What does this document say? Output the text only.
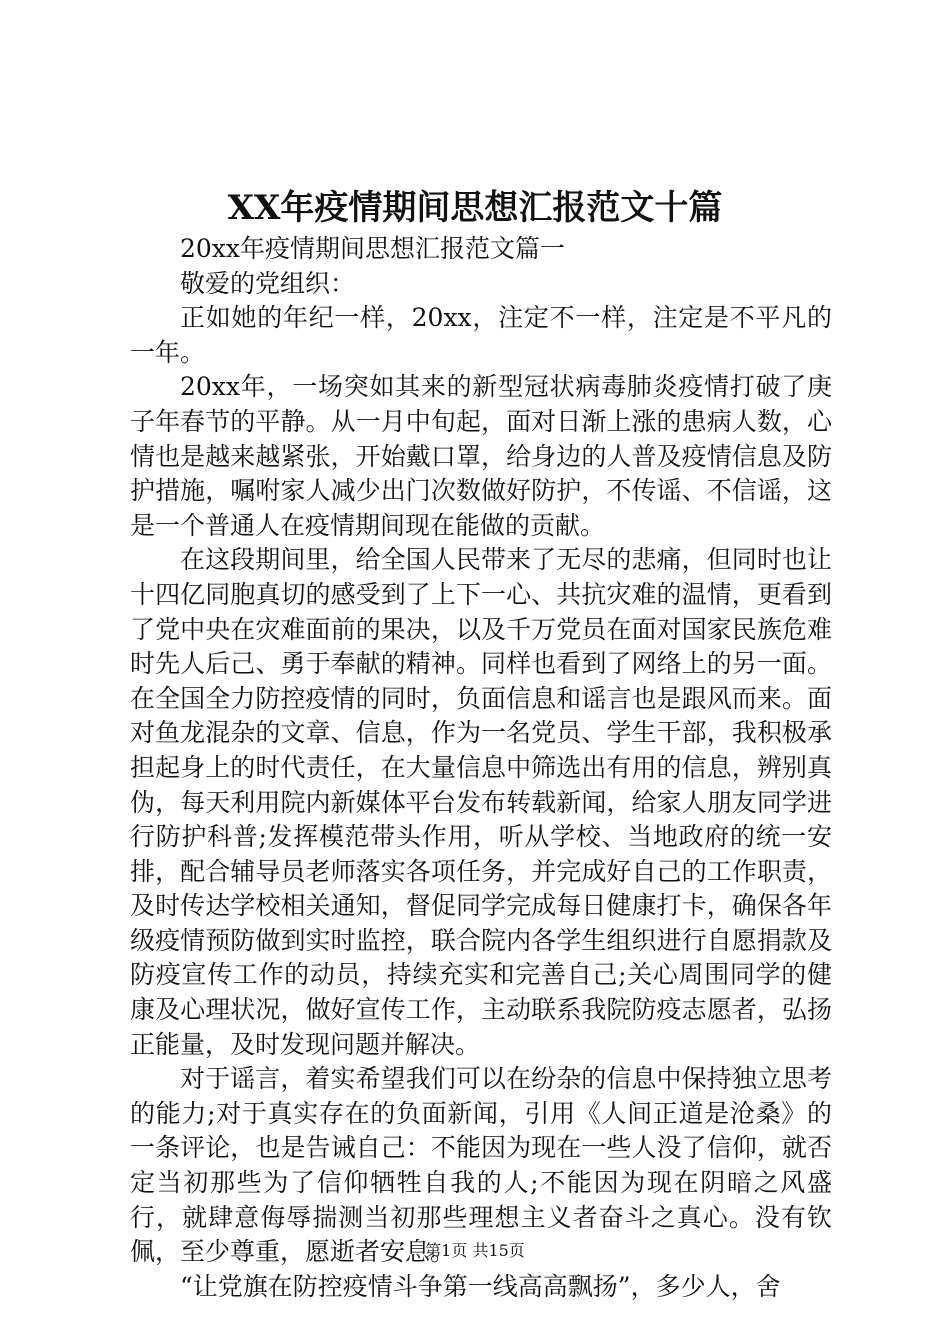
XX年疫情期间思想汇报范文十篇

20xx年疫情期间思想汇报范文篇一

敬爱的党组织：

正如她的年纪一样，20xx，注定不一样，注定是不平凡的一年。

20xx年，一场突如其来的新型冠状病毒肺炎疫情打破了庚子年春节的平静。从一月中旬起，面对日渐上涨的患病人数，心情也是越来越紧张，开始戴口罩，给身边的人普及疫情信息及防护措施，嘱咐家人减少出门次数做好防护，不传谣、不信谣，这是一个普通人在疫情期间现在能做的贡献。

在这段期间里，给全国人民带来了无尽的悲痛，但同时也让十四亿同胞真切的感受到了上下一心、共抗灾难的温情，更看到了党中央在灾难面前的果决，以及千万党员在面对国家民族危难时先人后己、勇于奉献的精神。同样也看到了网络上的另一面。在全国全力防控疫情的同时，负面信息和谣言也是跟风而来。面对鱼龙混杂的文章、信息，作为一名党员、学生干部，我积极承担起身上的时代责任，在大量信息中筛选出有用的信息，辨别真伪，每天利用院内新媒体平台发布转载新闻，给家人朋友同学进行防护科普;发挥模范带头作用，听从学校、当地政府的统一安排，配合辅导员老师落实各项任务，并完成好自己的工作职责，及时传达学校相关通知，督促同学完成每日健康打卡，确保各年级疫情预防做到实时监控，联合院内各学生组织进行自愿捐款及防疫宣传工作的动员，持续充实和完善自己;关心周围同学的健康及心理状况，做好宣传工作，主动联系我院防疫志愿者，弘扬正能量，及时发现问题并解决。

对于谣言，着实希望我们可以在纷杂的信息中保持独立思考的能力;对于真实存在的负面新闻，引用《人间正道是沧桑》的一条评论，也是告诫自己：不能因为现在一些人没了信仰，就否定当初那些为了信仰牺牲自我的人;不能因为现在阴暗之风盛行，就肆意侮辱揣测当初那些理想主义者奋斗之真心。没有钦佩，至少尊重，愿逝者安息。

“让党旗在防控疫情斗争第一线高高飘扬”，多少人，舍

第1页 共15页
